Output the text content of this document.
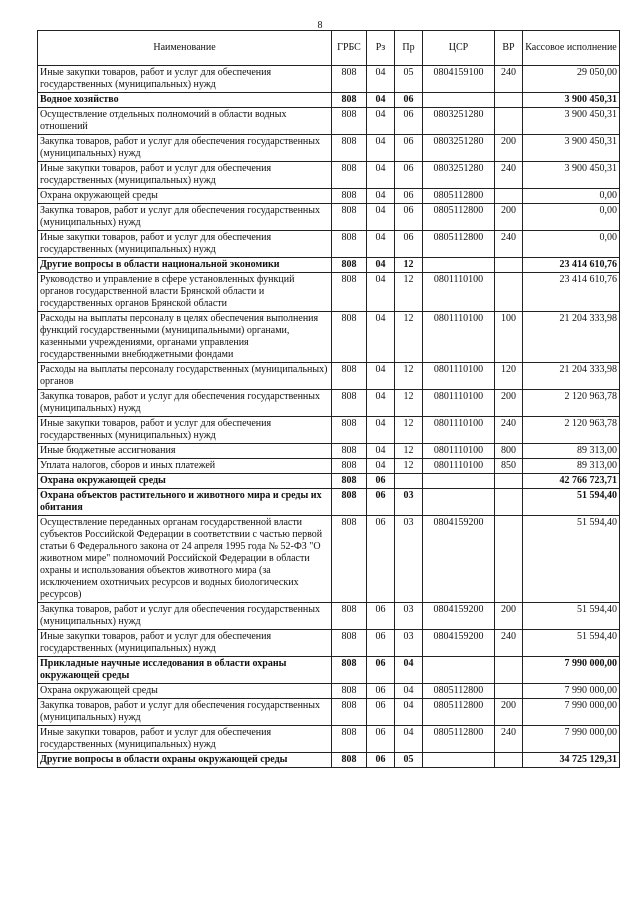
8
Наименование	ГРБС	Рз	Пр	ЦСР	ВР	Кассовое исполнение
Иные закупки товаров, работ и услуг для обеспечения государственных (муниципальных) нужд	808	04	05	0804159100	240	29 050,00
Водное хозяйство	808	04	06			3 900 450,31
Осуществление отдельных полномочий в области водных отношений	808	04	06	0803251280		3 900 450,31
Закупка товаров, работ и услуг для обеспечения государственных (муниципальных) нужд	808	04	06	0803251280	200	3 900 450,31
Иные закупки товаров, работ и услуг для обеспечения государственных (муниципальных) нужд	808	04	06	0803251280	240	3 900 450,31
Охрана окружающей среды	808	04	06	0805112800		0,00
Закупка товаров, работ и услуг для обеспечения государственных (муниципальных) нужд	808	04	06	0805112800	200	0,00
Иные закупки товаров, работ и услуг для обеспечения государственных (муниципальных) нужд	808	04	06	0805112800	240	0,00
Другие вопросы в области национальной экономики	808	04	12			23 414 610,76
Руководство и управление в сфере установленных функций органов государственной власти Брянской области и государственных органов Брянской области	808	04	12	0801110100		23 414 610,76
Расходы на выплаты персоналу в целях обеспечения выполнения функций государственными (муниципальными) органами, казенными учреждениями, органами управления государственными внебюджетными фондами	808	04	12	0801110100	100	21 204 333,98
Расходы на выплаты персоналу государственных (муниципальных) органов	808	04	12	0801110100	120	21 204 333,98
Закупка товаров, работ и услуг для обеспечения государственных (муниципальных) нужд	808	04	12	0801110100	200	2 120 963,78
Иные закупки товаров, работ и услуг для обеспечения государственных (муниципальных) нужд	808	04	12	0801110100	240	2 120 963,78
Иные бюджетные ассигнования	808	04	12	0801110100	800	89 313,00
Уплата налогов, сборов и иных платежей	808	04	12	0801110100	850	89 313,00
Охрана окружающей среды	808	06				42 766 723,71
Охрана объектов растительного и животного мира и среды их обитания	808	06	03			51 594,40
Осуществление переданных органам государственной власти субъектов Российской Федерации в соответствии с частью первой статьи 6 Федерального закона от 24 апреля 1995 года № 52-ФЗ "О животном мире" полномочий Российской Федерации в области охраны и использования объектов животного мира (за исключением охотничьих ресурсов и водных биологических ресурсов)	808	06	03	0804159200		51 594,40
Закупка товаров, работ и услуг для обеспечения государственных (муниципальных) нужд	808	06	03	0804159200	200	51 594,40
Иные закупки товаров, работ и услуг для обеспечения государственных (муниципальных) нужд	808	06	03	0804159200	240	51 594,40
Прикладные научные исследования в области охраны окружающей среды	808	06	04			7 990 000,00
Охрана окружающей среды	808	06	04	0805112800		7 990 000,00
Закупка товаров, работ и услуг для обеспечения государственных (муниципальных) нужд	808	06	04	0805112800	200	7 990 000,00
Иные закупки товаров, работ и услуг для обеспечения государственных (муниципальных) нужд	808	06	04	0805112800	240	7 990 000,00
Другие вопросы в области охраны окружающей среды	808	06	05			34 725 129,31
